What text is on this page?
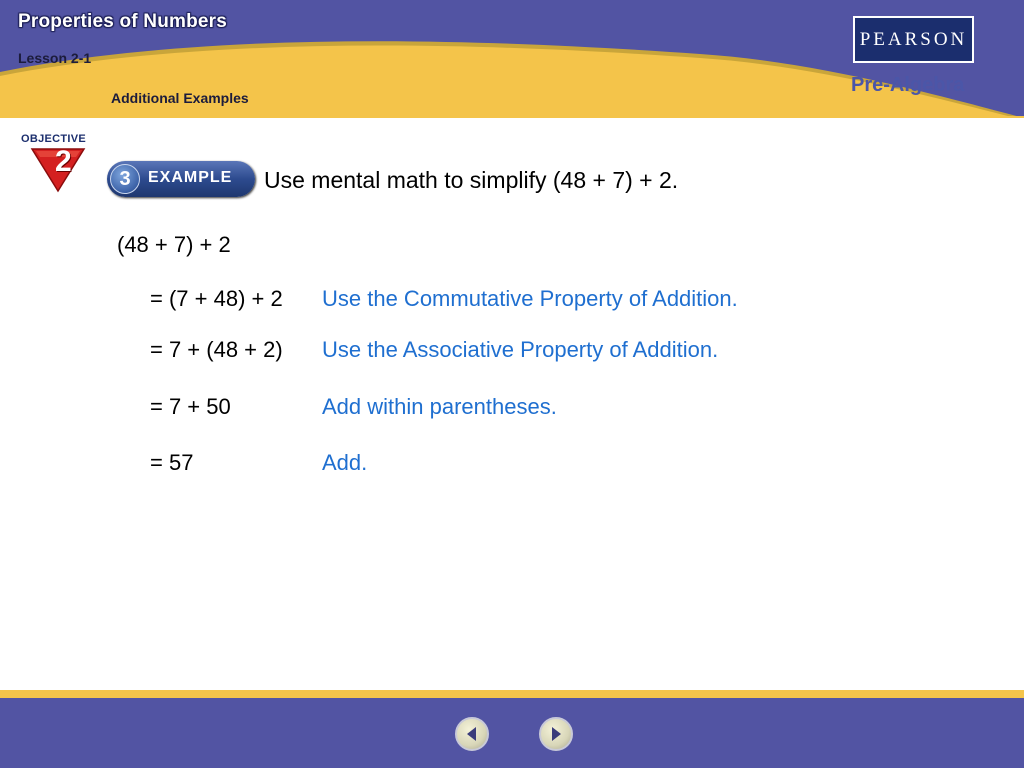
Properties of Numbers
Lesson 2-1
Additional Examples
PEARSON
Pre-Algebra
OBJECTIVE
2
3	EXAMPLE Use mental math to simplify (48 + 7) + 2.
(48 + 7) + 2
= (7 + 48) + 2 Use the Commutative Property of Addition.
= 7 + (48 + 2) Use the Associative Property of Addition.
= 7 + 50	Add within parentheses.
= 57	Add.
